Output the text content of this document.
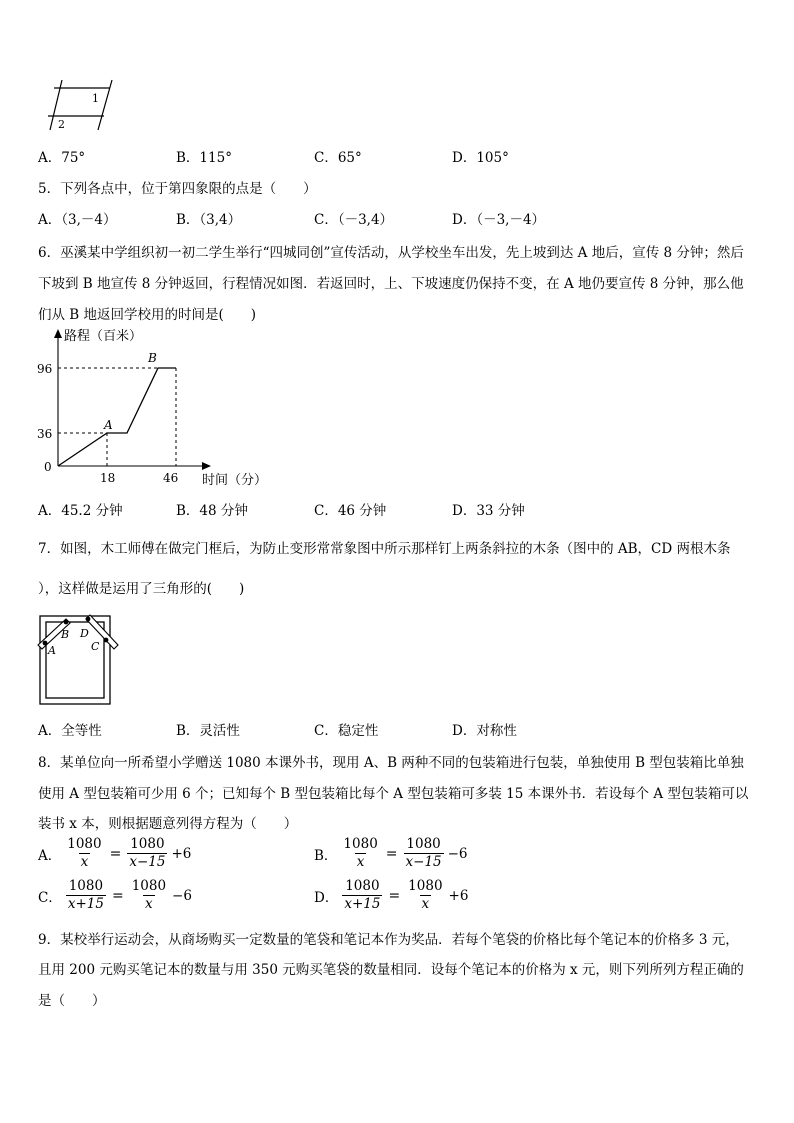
1
2
A．75°	B．115°	C．65°	D．105°
5．下列各点中，位于第四象限的点是（　　）
A．（3,－4）	B．（3,4）	C．（－3,4）	D．（－3,－4）
6．巫溪某中学组织初一初二学生举行“四城同创”宣传活动，从学校坐车出发，先上坡到达 A 地后，宣传 8 分钟；然后
下坡到 B 地宣传 8 分钟返回，行程情况如图．若返回时，上、下坡速度仍保持不变，在 A 地仍要宣传 8 分钟，那么他
们从 B 地返回学校用的时间是(　　)
路程（百米）
时间（分）
96
36
0
18	46
A
B
A．45.2 分钟	B．48 分钟	C．46 分钟	D．33 分钟
7．如图，木工师傅在做完门框后，为防止变形常常象图中所示那样钉上两条斜拉的木条（图中的 AB，CD 两根木条
），这样做是运用了三角形的(　　)
A
B D
C
A．全等性	B．灵活性	C．稳定性	D．对称性
8．某单位向一所希望小学赠送 1080 本课外书，现用 A、B 两种不同的包装箱进行包装，单独使用 B 型包装箱比单独
使用 A 型包装箱可少用 6 个；已知每个 B 型包装箱比每个 A 型包装箱可多装 15 本课外书．若设每个 A 型包装箱可以
装书 x 本，则根据题意列得方程为（　　）
A． $\frac{1080}{x} = \frac{1080}{x-15} +6$	B． $\frac{1080}{x} = \frac{1080}{x-15} -6$
C． $\frac{1080}{x+15} = \frac{1080}{x} -6$	D． $\frac{1080}{x+15} = \frac{1080}{x} +6$
9．某校举行运动会，从商场购买一定数量的笔袋和笔记本作为奖品．若每个笔袋的价格比每个笔记本的价格多 3 元，
且用 200 元购买笔记本的数量与用 350 元购买笔袋的数量相同．设每个笔记本的价格为 x 元，则下列所列方程正确的
是（　　）
